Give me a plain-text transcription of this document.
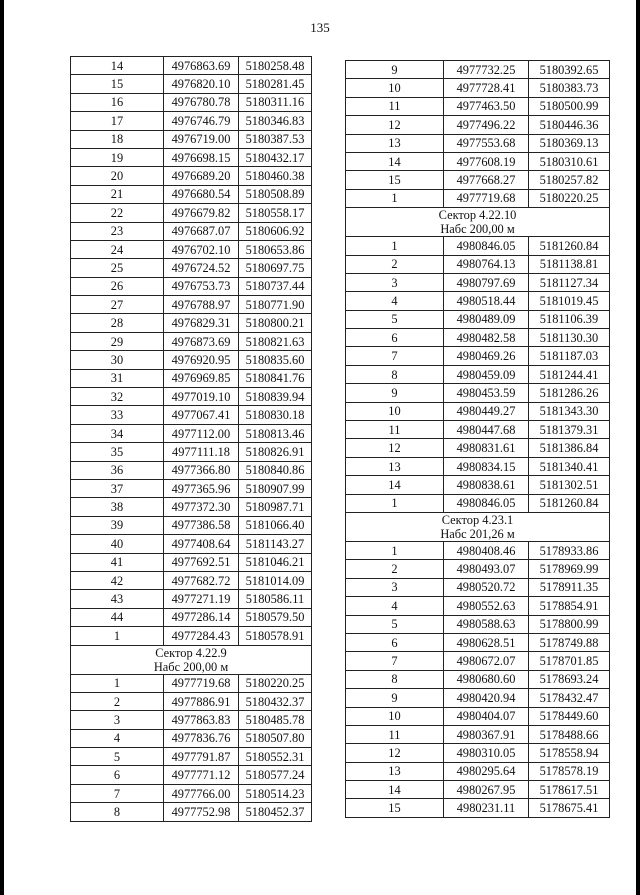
135
14	4976863.69	5180258.48
15	4976820.10	5180281.45
16	4976780.78	5180311.16
17	4976746.79	5180346.83
18	4976719.00	5180387.53
19	4976698.15	5180432.17
20	4976689.20	5180460.38
21	4976680.54	5180508.89
22	4976679.82	5180558.17
23	4976687.07	5180606.92
24	4976702.10	5180653.86
25	4976724.52	5180697.75
26	4976753.73	5180737.44
27	4976788.97	5180771.90
28	4976829.31	5180800.21
29	4976873.69	5180821.63
30	4976920.95	5180835.60
31	4976969.85	5180841.76
32	4977019.10	5180839.94
33	4977067.41	5180830.18
34	4977112.00	5180813.46
35	4977111.18	5180826.91
36	4977366.80	5180840.86
37	4977365.96	5180907.99
38	4977372.30	5180987.71
39	4977386.58	5181066.40
40	4977408.64	5181143.27
41	4977692.51	5181046.21
42	4977682.72	5181014.09
43	4977271.19	5180586.11
44	4977286.14	5180579.50
1	4977284.43	5180578.91

Сектор 4.22.9
Набс 200,00 м		

1	4977719.68	5180220.25
2	4977886.91	5180432.37
3	4977863.83	5180485.78
4	4977836.76	5180507.80
5	4977791.87	5180552.31
6	4977771.12	5180577.24
7	4977766.00	5180514.23
8	4977752.98	5180452.37
9	4977732.25	5180392.65
10	4977728.41	5180383.73
11	4977463.50	5180500.99
12	4977496.22	5180446.36
13	4977553.68	5180369.13
14	4977608.19	5180310.61
15	4977668.27	5180257.82
1	4977719.68	5180220.25

Сектор 4.22.10
Набс 200,00 м		

1	4980846.05	5181260.84
2	4980764.13	5181138.81
3	4980797.69	5181127.34
4	4980518.44	5181019.45
5	4980489.09	5181106.39
6	4980482.58	5181130.30
7	4980469.26	5181187.03
8	4980459.09	5181244.41
9	4980453.59	5181286.26
10	4980449.27	5181343.30
11	4980447.68	5181379.31
12	4980831.61	5181386.84
13	4980834.15	5181340.41
14	4980838.61	5181302.51
1	4980846.05	5181260.84

Сектор 4.23.1
Набс 201,26 м		

1	4980408.46	5178933.86
2	4980493.07	5178969.99
3	4980520.72	5178911.35
4	4980552.63	5178854.91
5	4980588.63	5178800.99
6	4980628.51	5178749.88
7	4980672.07	5178701.85
8	4980680.60	5178693.24
9	4980420.94	5178432.47
10	4980404.07	5178449.60
11	4980367.91	5178488.66
12	4980310.05	5178558.94
13	4980295.64	5178578.19
14	4980267.95	5178617.51
15	4980231.11	5178675.41
